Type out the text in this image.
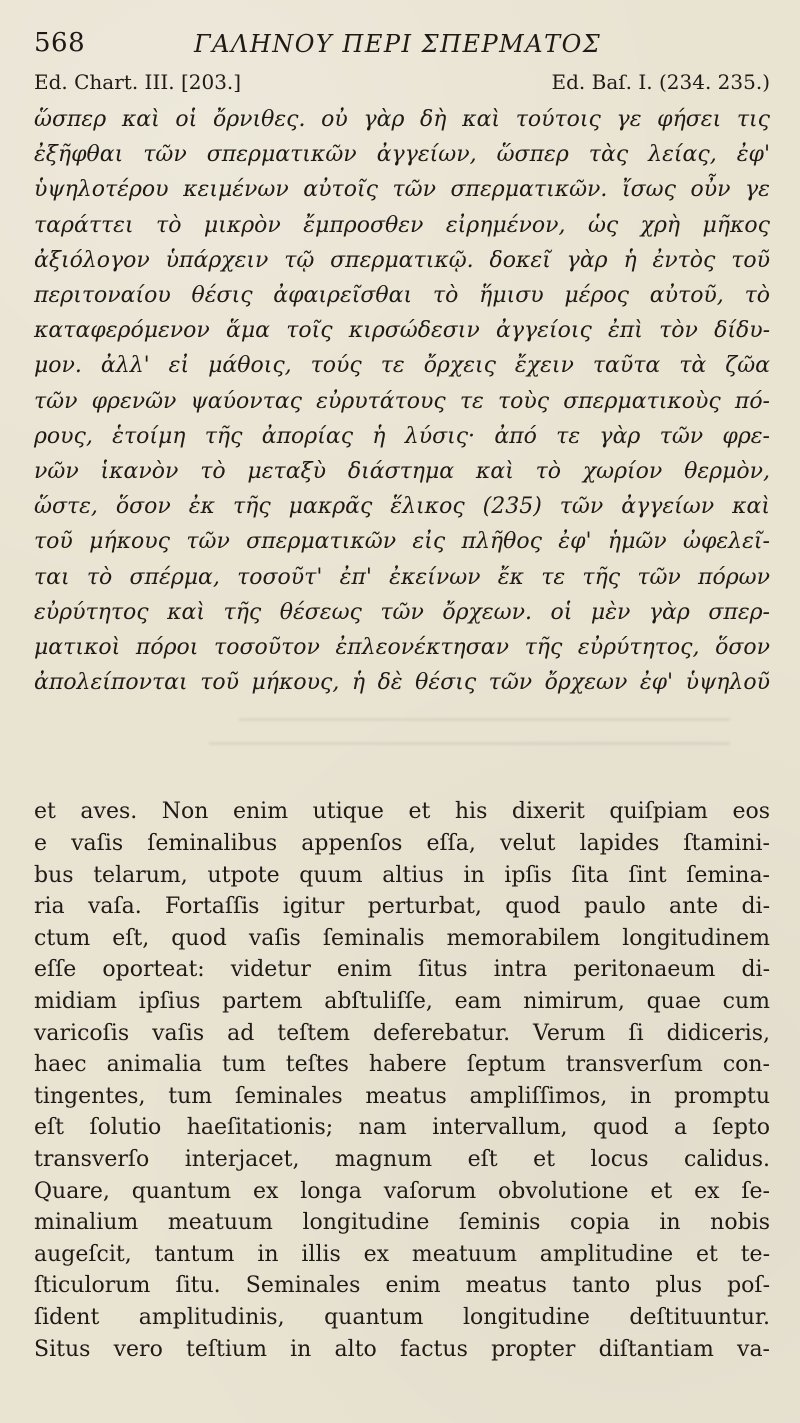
568	ΓΑΛΗΝΟΥ ΠΕΡΙ ΣΠΕΡΜΑΤΟΣ
Ed. Chart. III. [203.]	Ed. Baſ. I. (234. 235.)
ὥσπερ καὶ οἱ ὄρνιθες. οὐ γὰρ δὴ καὶ τούτοις γε φήσει τις
ἐξῆφθαι τῶν σπερματικῶν ἀγγείων, ὥσπερ τὰς λείας, ἐφ'
ὑψηλοτέρου κειμένων αὐτοῖς τῶν σπερματικῶν. ἴσως οὖν γε
ταράττει τὸ μικρὸν ἔμπροσθεν εἰρημένον, ὡς χρὴ μῆκος
ἀξιόλογον ὑπάρχειν τῷ σπερματικῷ. δοκεῖ γὰρ ἡ ἐντὸς τοῦ
περιτοναίου θέσις ἀφαιρεῖσθαι τὸ ἥμισυ μέρος αὐτοῦ, τὸ
καταφερόμενον ἅμα τοῖς κιρσώδεσιν ἀγγείοις ἐπὶ τὸν δίδυ-
μον. ἀλλ' εἰ μάθοις, τούς τε ὄρχεις ἔχειν ταῦτα τὰ ζῶα
τῶν φρενῶν ψαύοντας εὐρυτάτους τε τοὺς σπερματικοὺς πό-
ρους, ἑτοίμη τῆς ἀπορίας ἡ λύσις· ἀπό τε γὰρ τῶν φρε-
νῶν ἱκανὸν τὸ μεταξὺ διάστημα καὶ τὸ χωρίον θερμὸν,
ὥστε, ὅσον ἐκ τῆς μακρᾶς ἕλικος (235) τῶν ἀγγείων καὶ
τοῦ μήκους τῶν σπερματικῶν εἰς πλῆθος ἐφ' ἡμῶν ὠφελεῖ-
ται τὸ σπέρμα, τοσοῦτ' ἐπ' ἐκείνων ἔκ τε τῆς τῶν πόρων
εὐρύτητος καὶ τῆς θέσεως τῶν ὄρχεων. οἱ μὲν γὰρ σπερ-
ματικοὶ πόροι τοσοῦτον ἐπλεονέκτησαν τῆς εὐρύτητος, ὅσον
ἀπολείπονται τοῦ μήκους, ἡ δὲ θέσις τῶν ὄρχεων ἐφ' ὑψηλοῦ
et aves. Non enim utique et his dixerit quiſpiam eos
e vaſis ſeminalibus appenſos eſſa, velut lapides ſtamini-
bus telarum, utpote quum altius in ipſis ſita ſint ſemina-
ria vaſa. Fortaſſis igitur perturbat, quod paulo ante di-
ctum eſt, quod vaſis ſeminalis memorabilem longitudinem
eſſe oporteat: videtur enim ſitus intra peritonaeum di-
midiam ipſius partem abſtuliſſe, eam nimirum, quae cum
varicoſis vaſis ad teſtem deferebatur. Verum ſi didiceris,
haec animalia tum teſtes habere ſeptum transverſum con-
tingentes, tum ſeminales meatus ampliſſimos, in promptu
eſt ſolutio haeſitationis; nam intervallum, quod a ſepto
transverſo interjacet, magnum eſt et locus calidus.
Quare, quantum ex longa vaſorum obvolutione et ex ſe-
minalium meatuum longitudine ſeminis copia in nobis
augeſcit, tantum in illis ex meatuum amplitudine et te-
ſticulorum ſitu. Seminales enim meatus tanto plus poſ-
ſident amplitudinis, quantum longitudine deſtituuntur.
Situs vero teſtium in alto factus propter diſtantiam va-
